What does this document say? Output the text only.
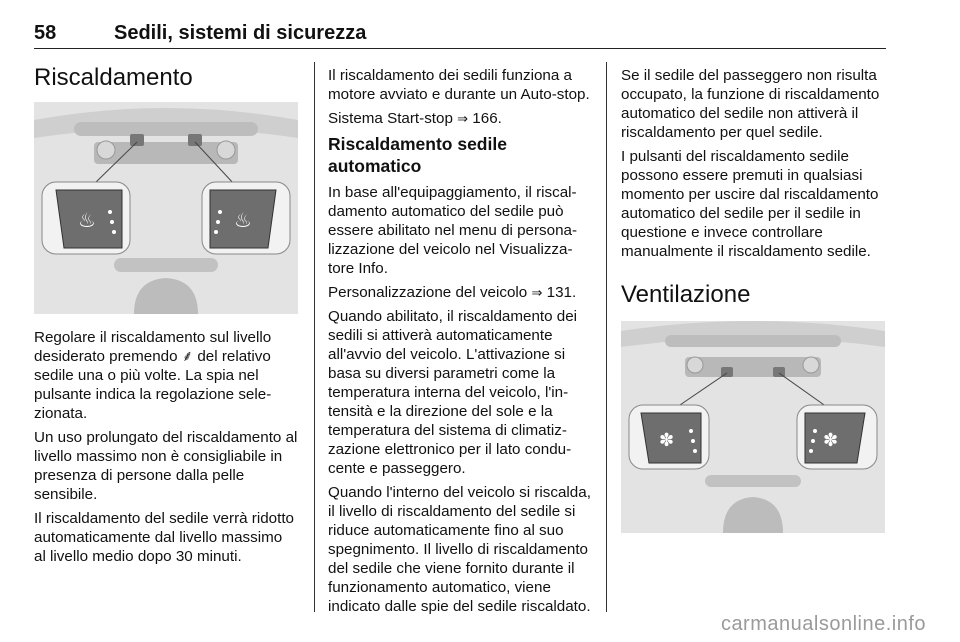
58	Sedili, sistemi di sicurezza
Riscaldamento
♨	♨

Regolare il riscaldamento sul livello desiderato premendo ⸙ del relativo sedile una o più volte. La spia nel pulsante indica la regolazione selezionata.

Un uso prolungato del riscaldamento al livello massimo non è consigliabile in presenza di persone dalla pelle sensibile.

Il riscaldamento del sedile verrà ridotto automaticamente dal livello massimo al livello medio dopo 30 minuti.

Il riscaldamento dei sedili funziona a motore avviato e durante un Auto-stop.

Sistema Start-stop ⇒ 166.

Riscaldamento sedile automatico

In base all'equipaggiamento, il riscaldamento automatico del sedile può essere abilitato nel menu di personalizzazione del veicolo nel Visualizzatore Info.

Personalizzazione del veicolo ⇒ 131.

Quando abilitato, il riscaldamento dei sedili si attiverà automaticamente all'avvio del veicolo. L'attivazione si basa su diversi parametri come la temperatura interna del veicolo, l'intensità e la direzione del sole e la temperatura del sistema di climatizzazione elettronico per il lato conducente e passeggero.

Quando l'interno del veicolo si riscalda, il livello di riscaldamento del sedile si riduce automaticamente fino al suo spegnimento. Il livello di riscaldamento del sedile che viene fornito durante il funzionamento automatico, viene indicato dalle spie del sedile riscaldato.

Se il sedile del passeggero non risulta occupato, la funzione di riscaldamento automatico del sedile non attiverà il riscaldamento per quel sedile.

I pulsanti del riscaldamento sedile possono essere premuti in qualsiasi momento per uscire dal riscaldamento automatico del sedile per il sedile in questione e invece controllare manualmente il riscaldamento sedile.

Ventilazione
✽	✽
carmanualsonline.info
